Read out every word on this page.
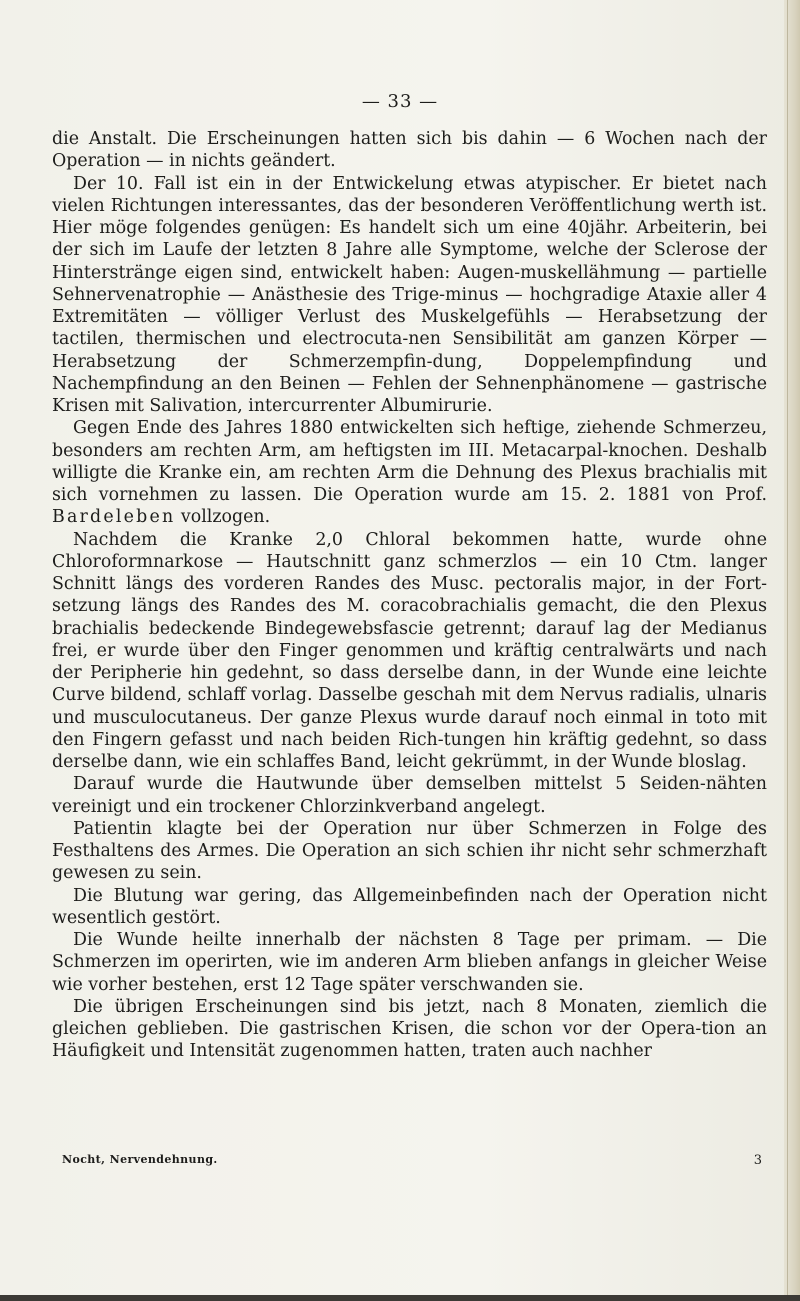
— 33 —

die Anstalt. Die Erscheinungen hatten sich bis dahin — 6 Wochen nach der Operation — in nichts geändert.

Der 10. Fall ist ein in der Entwickelung etwas atypischer. Er bietet nach vielen Richtungen interessantes, das der besonderen Veröffentlichung werth ist. Hier möge folgendes genügen: Es handelt sich um eine 40jähr. Arbeiterin, bei der sich im Laufe der letzten 8 Jahre alle Symptome, welche der Sclerose der Hinterstränge eigen sind, entwickelt haben: Augen-muskellähmung — partielle Sehnervenatrophie — Anästhesie des Trige-minus — hochgradige Ataxie aller 4 Extremitäten — völliger Verlust des Muskelgefühls — Herabsetzung der tactilen, thermischen und electrocuta-nen Sensibilität am ganzen Körper — Herabsetzung der Schmerzempfin-dung, Doppelempfindung und Nachempfindung an den Beinen — Fehlen der Sehnenphänomene — gastrische Krisen mit Salivation, intercurrenter Albumirurie.

Gegen Ende des Jahres 1880 entwickelten sich heftige, ziehende Schmerzeu, besonders am rechten Arm, am heftigsten im III. Metacarpal-knochen. Deshalb willigte die Kranke ein, am rechten Arm die Dehnung des Plexus brachialis mit sich vornehmen zu lassen. Die Operation wurde am 15. 2. 1881 von Prof. Bardeleben vollzogen.

Nachdem die Kranke 2,0 Chloral bekommen hatte, wurde ohne Chloroformnarkose — Hautschnitt ganz schmerzlos — ein 10 Ctm. langer Schnitt längs des vorderen Randes des Musc. pectoralis major, in der Fort-setzung längs des Randes des M. coracobrachialis gemacht, die den Plexus brachialis bedeckende Bindegewebsfascie getrennt; darauf lag der Medianus frei, er wurde über den Finger genommen und kräftig centralwärts und nach der Peripherie hin gedehnt, so dass derselbe dann, in der Wunde eine leichte Curve bildend, schlaff vorlag. Dasselbe geschah mit dem Nervus radialis, ulnaris und musculocutaneus. Der ganze Plexus wurde darauf noch einmal in toto mit den Fingern gefasst und nach beiden Rich-tungen hin kräftig gedehnt, so dass derselbe dann, wie ein schlaffes Band, leicht gekrümmt, in der Wunde bloslag.

Darauf wurde die Hautwunde über demselben mittelst 5 Seiden-nähten vereinigt und ein trockener Chlorzinkverband angelegt.

Patientin klagte bei der Operation nur über Schmerzen in Folge des Festhaltens des Armes. Die Operation an sich schien ihr nicht sehr schmerzhaft gewesen zu sein.

Die Blutung war gering, das Allgemeinbefinden nach der Operation nicht wesentlich gestört.

Die Wunde heilte innerhalb der nächsten 8 Tage per primam. — Die Schmerzen im operirten, wie im anderen Arm blieben anfangs in gleicher Weise wie vorher bestehen, erst 12 Tage später verschwanden sie.

Die übrigen Erscheinungen sind bis jetzt, nach 8 Monaten, ziemlich die gleichen geblieben. Die gastrischen Krisen, die schon vor der Opera-tion an Häufigkeit und Intensität zugenommen hatten, traten auch nachher

Nocht, Nervendehnung.	3
